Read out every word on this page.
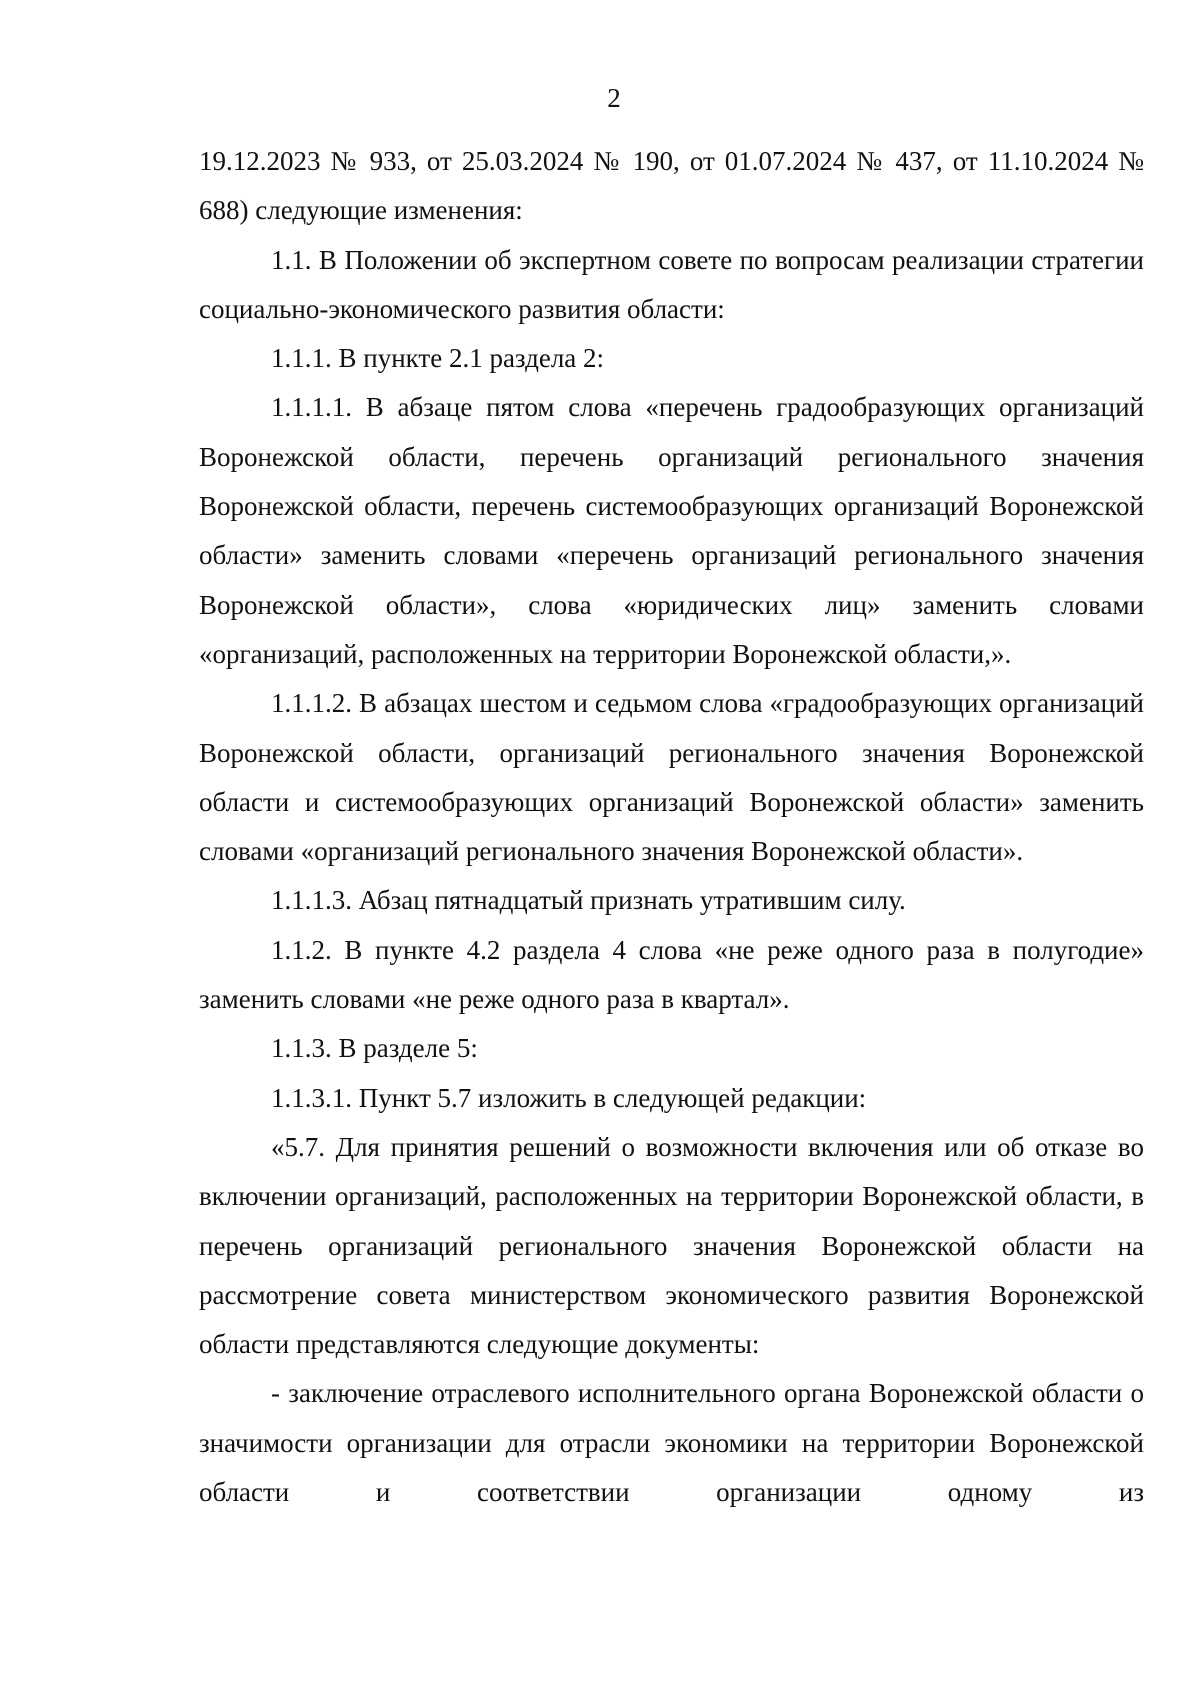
2

19.12.2023 № 933, от 25.03.2024 № 190, от 01.07.2024 № 437, от 11.10.2024 № 688) следующие изменения:

1.1. В Положении об экспертном совете по вопросам реализации стратегии социально-экономического развития области:

1.1.1. В пункте 2.1 раздела 2:

1.1.1.1. В абзаце пятом слова «перечень градообразующих организаций Воронежской области, перечень организаций регионального значения Воронежской области, перечень системообразующих организаций Воронежской области» заменить словами «перечень организаций регионального значения Воронежской области», слова «юридических лиц» заменить словами «организаций, расположенных на территории Воронежской области,».

1.1.1.2. В абзацах шестом и седьмом слова «градообразующих организаций Воронежской области, организаций регионального значения Воронежской области и системообразующих организаций Воронежской области» заменить словами «организаций регионального значения Воронежской области».

1.1.1.3. Абзац пятнадцатый признать утратившим силу.

1.1.2. В пункте 4.2 раздела 4 слова «не реже одного раза в полугодие» заменить словами «не реже одного раза в квартал».

1.1.3. В разделе 5:

1.1.3.1. Пункт 5.7 изложить в следующей редакции:

«5.7. Для принятия решений о возможности включения или об отказе во включении организаций, расположенных на территории Воронежской области, в перечень организаций регионального значения Воронежской области на рассмотрение совета министерством экономического развития Воронежской области представляются следующие документы:

- заключение отраслевого исполнительного органа Воронежской области о значимости организации для отрасли экономики на территории Воронежской области и соответствии организации одному из
